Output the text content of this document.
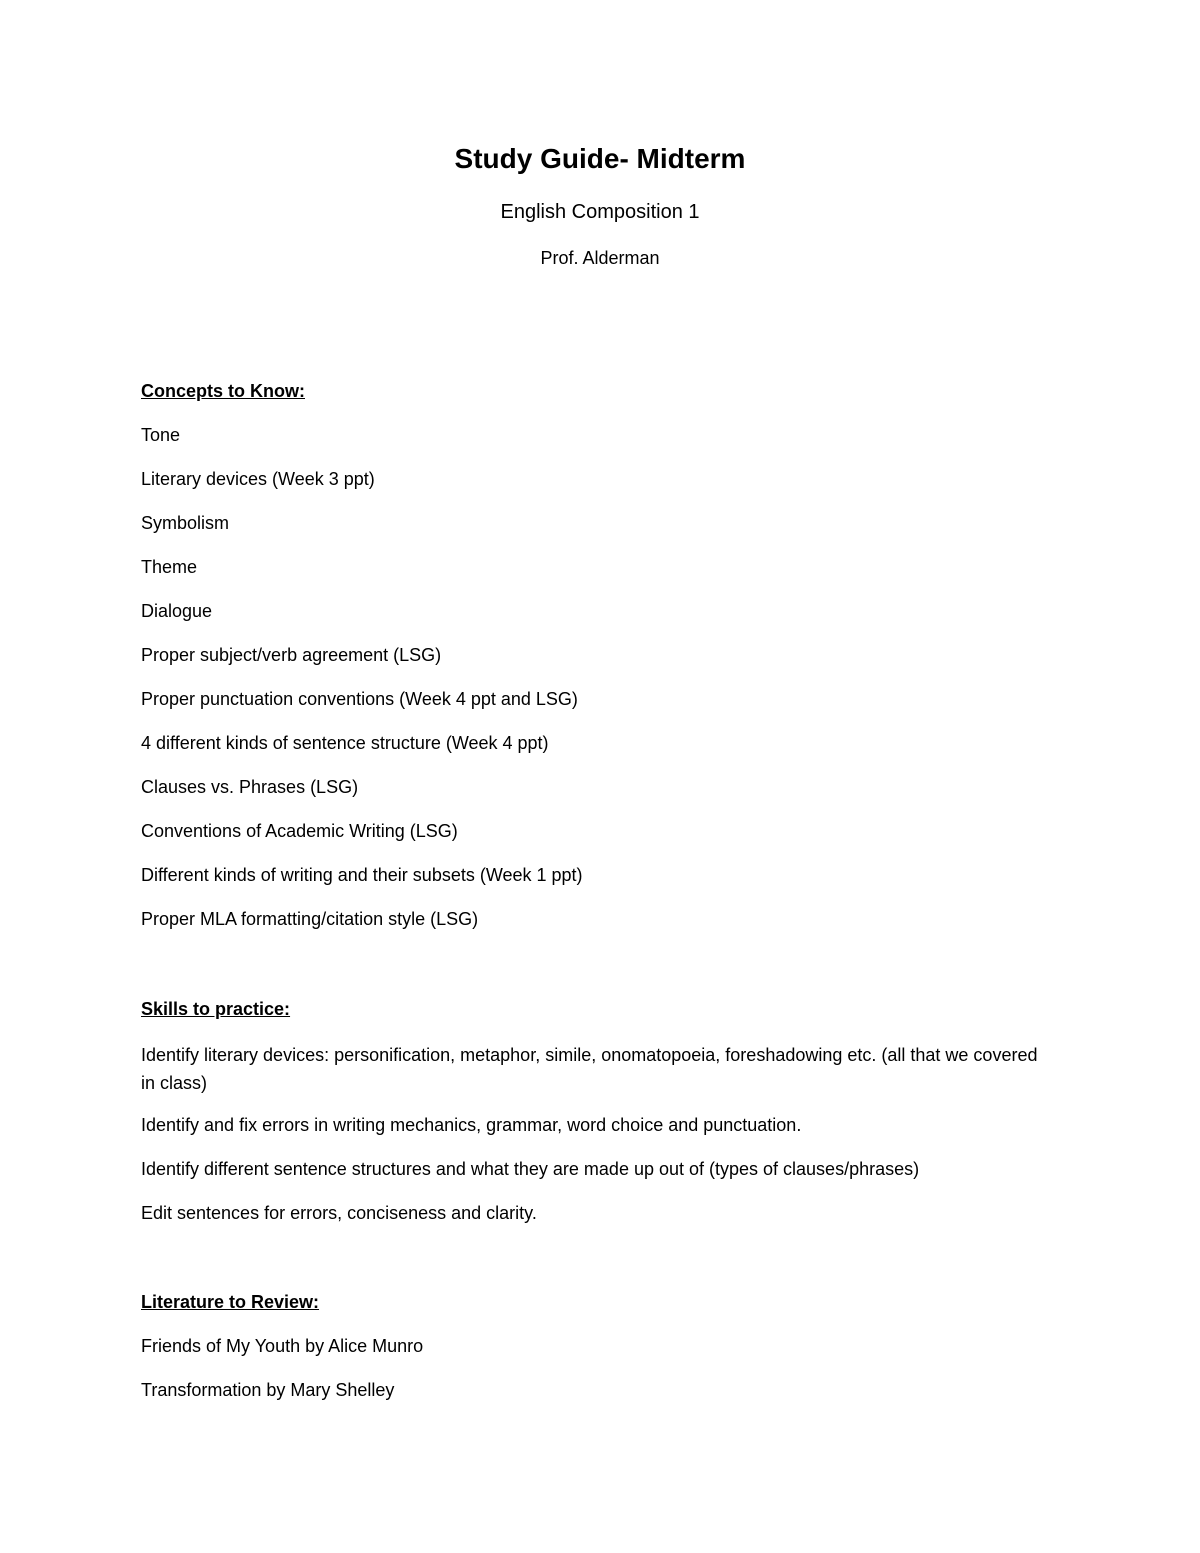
Study Guide- Midterm
English Composition 1
Prof. Alderman

Concepts to Know:

Tone

Literary devices (Week 3 ppt)

Symbolism

Theme

Dialogue

Proper subject/verb agreement (LSG)

Proper punctuation conventions (Week 4 ppt and LSG)

4 different kinds of sentence structure (Week 4 ppt)

Clauses vs. Phrases (LSG)

Conventions of Academic Writing (LSG)

Different kinds of writing and their subsets (Week 1 ppt)

Proper MLA formatting/citation style (LSG)

Skills to practice:

Identify literary devices: personification, metaphor, simile, onomatopoeia, foreshadowing etc. (all that we covered in class)

Identify and fix errors in writing mechanics, grammar, word choice and punctuation.

Identify different sentence structures and what they are made up out of (types of clauses/phrases)

Edit sentences for errors, conciseness and clarity.

Literature to Review:

Friends of My Youth by Alice Munro

Transformation by Mary Shelley
